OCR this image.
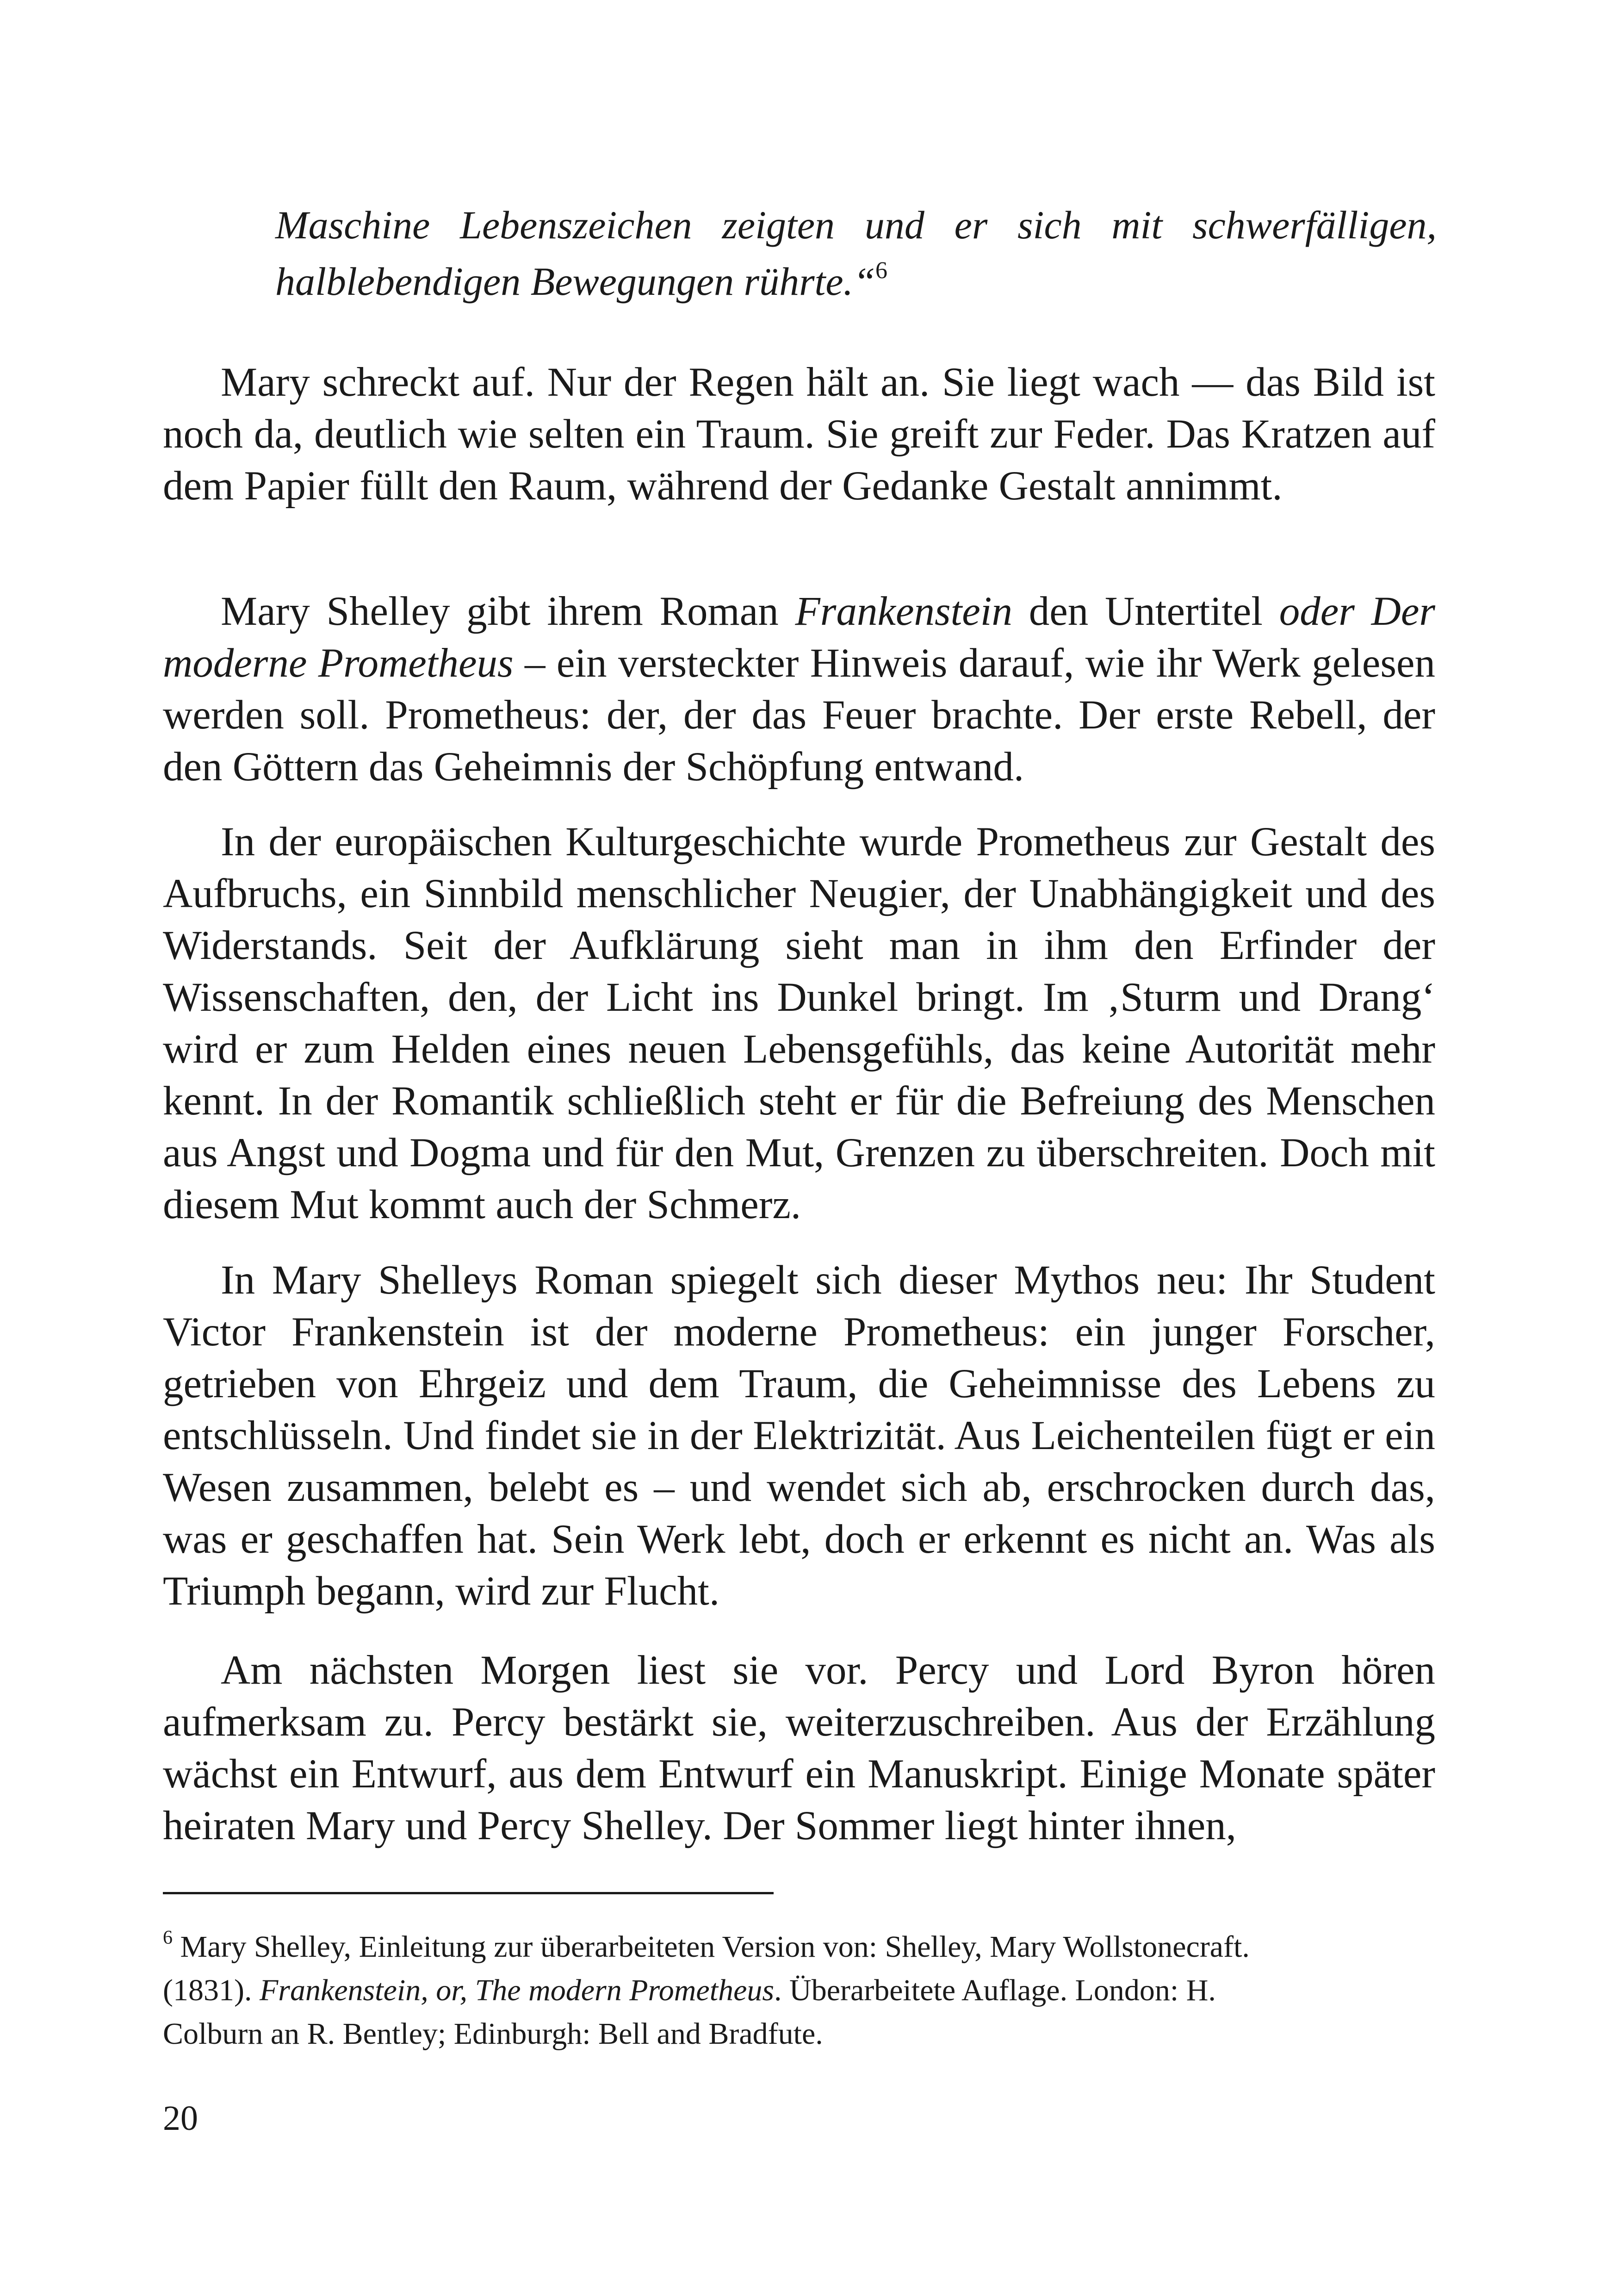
Maschine Lebenszeichen zeigten und er sich mit schwerfälligen, halblebendigen Bewegungen rührte.“$^6$

Mary schreckt auf. Nur der Regen hält an. Sie liegt wach — das Bild ist noch da, deutlich wie selten ein Traum. Sie greift zur Feder. Das Kratzen auf dem Papier füllt den Raum, während der Gedanke Gestalt annimmt.

Mary Shelley gibt ihrem Roman Frankenstein den Untertitel oder Der moderne Prometheus – ein versteckter Hinweis darauf, wie ihr Werk gelesen werden soll. Prometheus: der, der das Feuer brachte. Der erste Rebell, der den Göttern das Geheimnis der Schöpfung entwand.

In der europäischen Kulturgeschichte wurde Prometheus zur Gestalt des Aufbruchs, ein Sinnbild menschlicher Neugier, der Unabhängigkeit und des Widerstands. Seit der Aufklärung sieht man in ihm den Erfinder der Wissenschaften, den, der Licht ins Dunkel bringt. Im ‚Sturm und Drang‘ wird er zum Helden eines neuen Lebensgefühls, das keine Autorität mehr kennt. In der Romantik schließlich steht er für die Befreiung des Menschen aus Angst und Dogma und für den Mut, Grenzen zu überschreiten. Doch mit diesem Mut kommt auch der Schmerz.

In Mary Shelleys Roman spiegelt sich dieser Mythos neu: Ihr Student Victor Frankenstein ist der moderne Prometheus: ein junger Forscher, getrieben von Ehrgeiz und dem Traum, die Geheimnisse des Lebens zu entschlüsseln. Und findet sie in der Elektrizität. Aus Leichenteilen fügt er ein Wesen zusammen, belebt es – und wendet sich ab, erschrocken durch das, was er geschaffen hat. Sein Werk lebt, doch er erkennt es nicht an. Was als Triumph begann, wird zur Flucht.

Am nächsten Morgen liest sie vor. Percy und Lord Byron hören aufmerksam zu. Percy bestärkt sie, weiterzuschreiben. Aus der Erzählung wächst ein Entwurf, aus dem Entwurf ein Manuskript. Einige Monate später heiraten Mary und Percy Shelley. Der Sommer liegt hinter ihnen,

$^6$ Mary Shelley, Einleitung zur überarbeiteten Version von: Shelley, Mary Wollstonecraft. (1831). Frankenstein, or, The modern Prometheus. Überarbeitete Auflage. London: H. Colburn an R. Bentley; Edinburgh: Bell and Bradfute.
20
